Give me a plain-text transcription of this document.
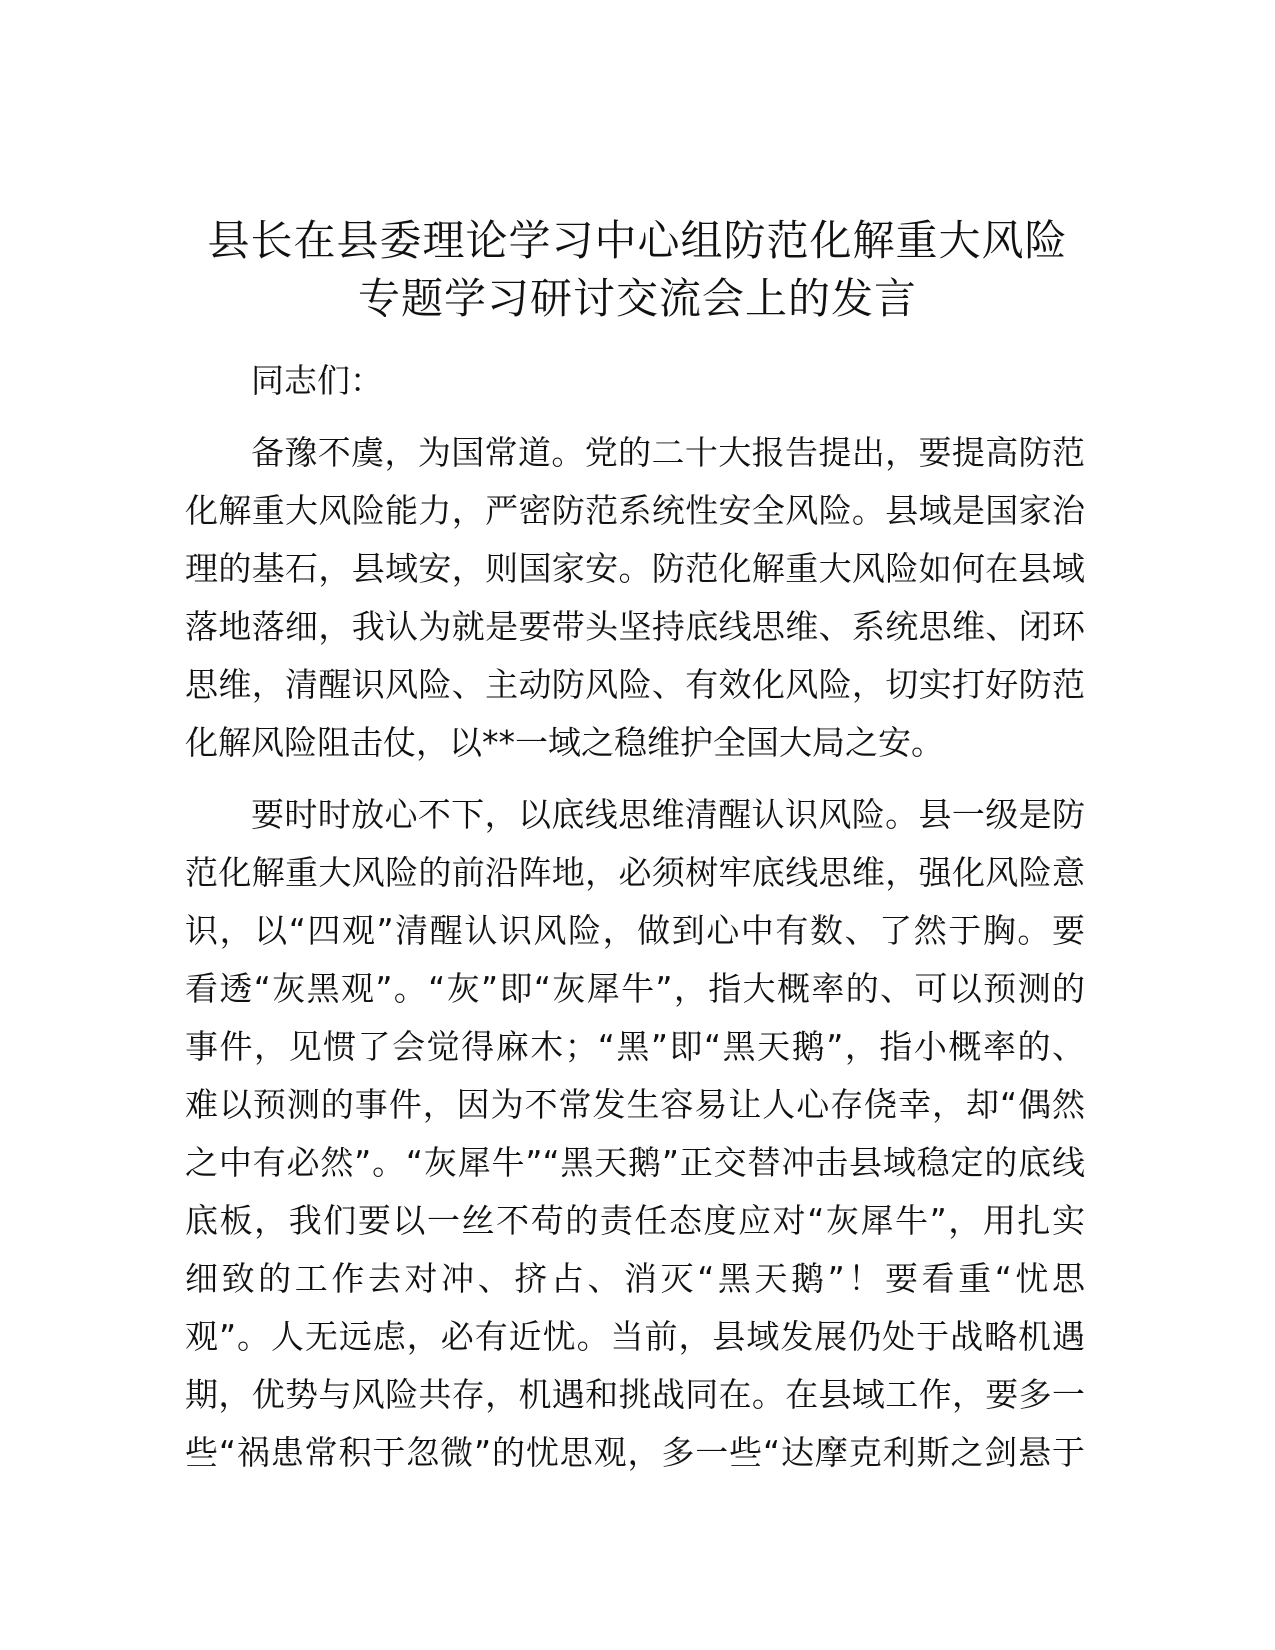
县长在县委理论学习中心组防范化解重大风险
专题学习研讨交流会上的发言
同志们：
备豫不虞，为国常道。党的二十大报告提出，要提高防范
化解重大风险能力，严密防范系统性安全风险。县域是国家治
理的基石，县域安，则国家安。防范化解重大风险如何在县域
落地落细，我认为就是要带头坚持底线思维、系统思维、闭环
思维，清醒识风险、主动防风险、有效化风险，切实打好防范
化解风险阻击仗，以**一域之稳维护全国大局之安。
要时时放心不下，以底线思维清醒认识风险。县一级是防
范化解重大风险的前沿阵地，必须树牢底线思维，强化风险意
识，以“四观”清醒认识风险，做到心中有数、了然于胸。要
看透“灰黑观”。“灰”即“灰犀牛”，指大概率的、可以预测的
事件，见惯了会觉得麻木；“黑”即“黑天鹅”，指小概率的、
难以预测的事件，因为不常发生容易让人心存侥幸，却“偶然
之中有必然”。“灰犀牛”“黑天鹅”正交替冲击县域稳定的底线
底板，我们要以一丝不苟的责任态度应对“灰犀牛”，用扎实
细致的工作去对冲、挤占、消灭“黑天鹅”！要看重“忧思
观”。人无远虑，必有近忧。当前，县域发展仍处于战略机遇
期，优势与风险共存，机遇和挑战同在。在县域工作，要多一
些“祸患常积于忽微”的忧思观，多一些“达摩克利斯之剑悬于
